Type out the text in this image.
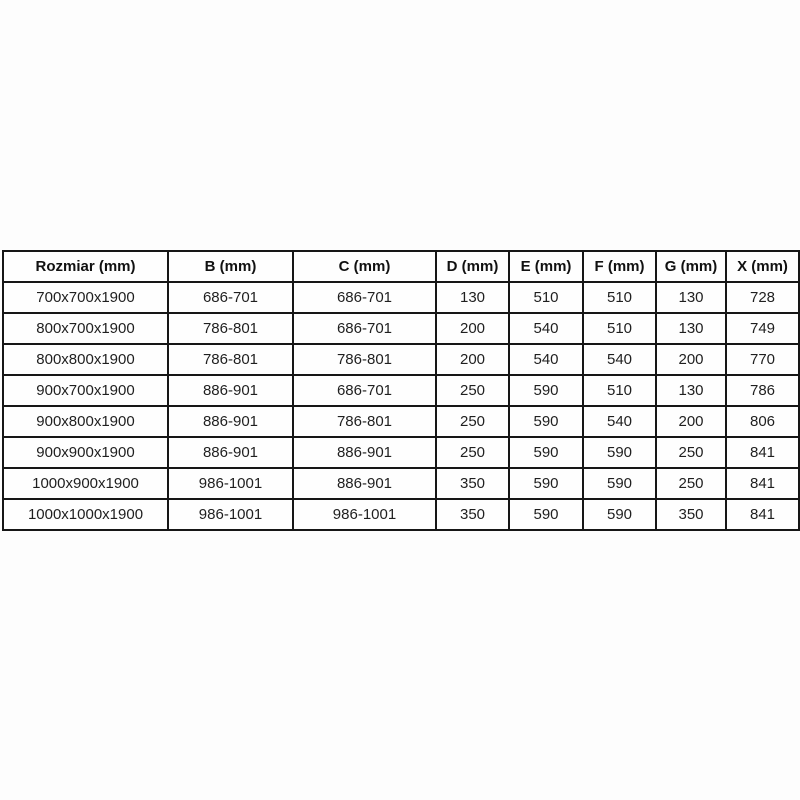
Rozmiar (mm)	B (mm)	C (mm)	D (mm)	E (mm)	F (mm)	G (mm)	X (mm)
700x700x1900	686-701	686-701	130	510	510	130	728
800x700x1900	786-801	686-701	200	540	510	130	749
800x800x1900	786-801	786-801	200	540	540	200	770
900x700x1900	886-901	686-701	250	590	510	130	786
900x800x1900	886-901	786-801	250	590	540	200	806
900x900x1900	886-901	886-901	250	590	590	250	841
1000x900x1900	986-1001	886-901	350	590	590	250	841
1000x1000x1900	986-1001	986-1001	350	590	590	350	841
